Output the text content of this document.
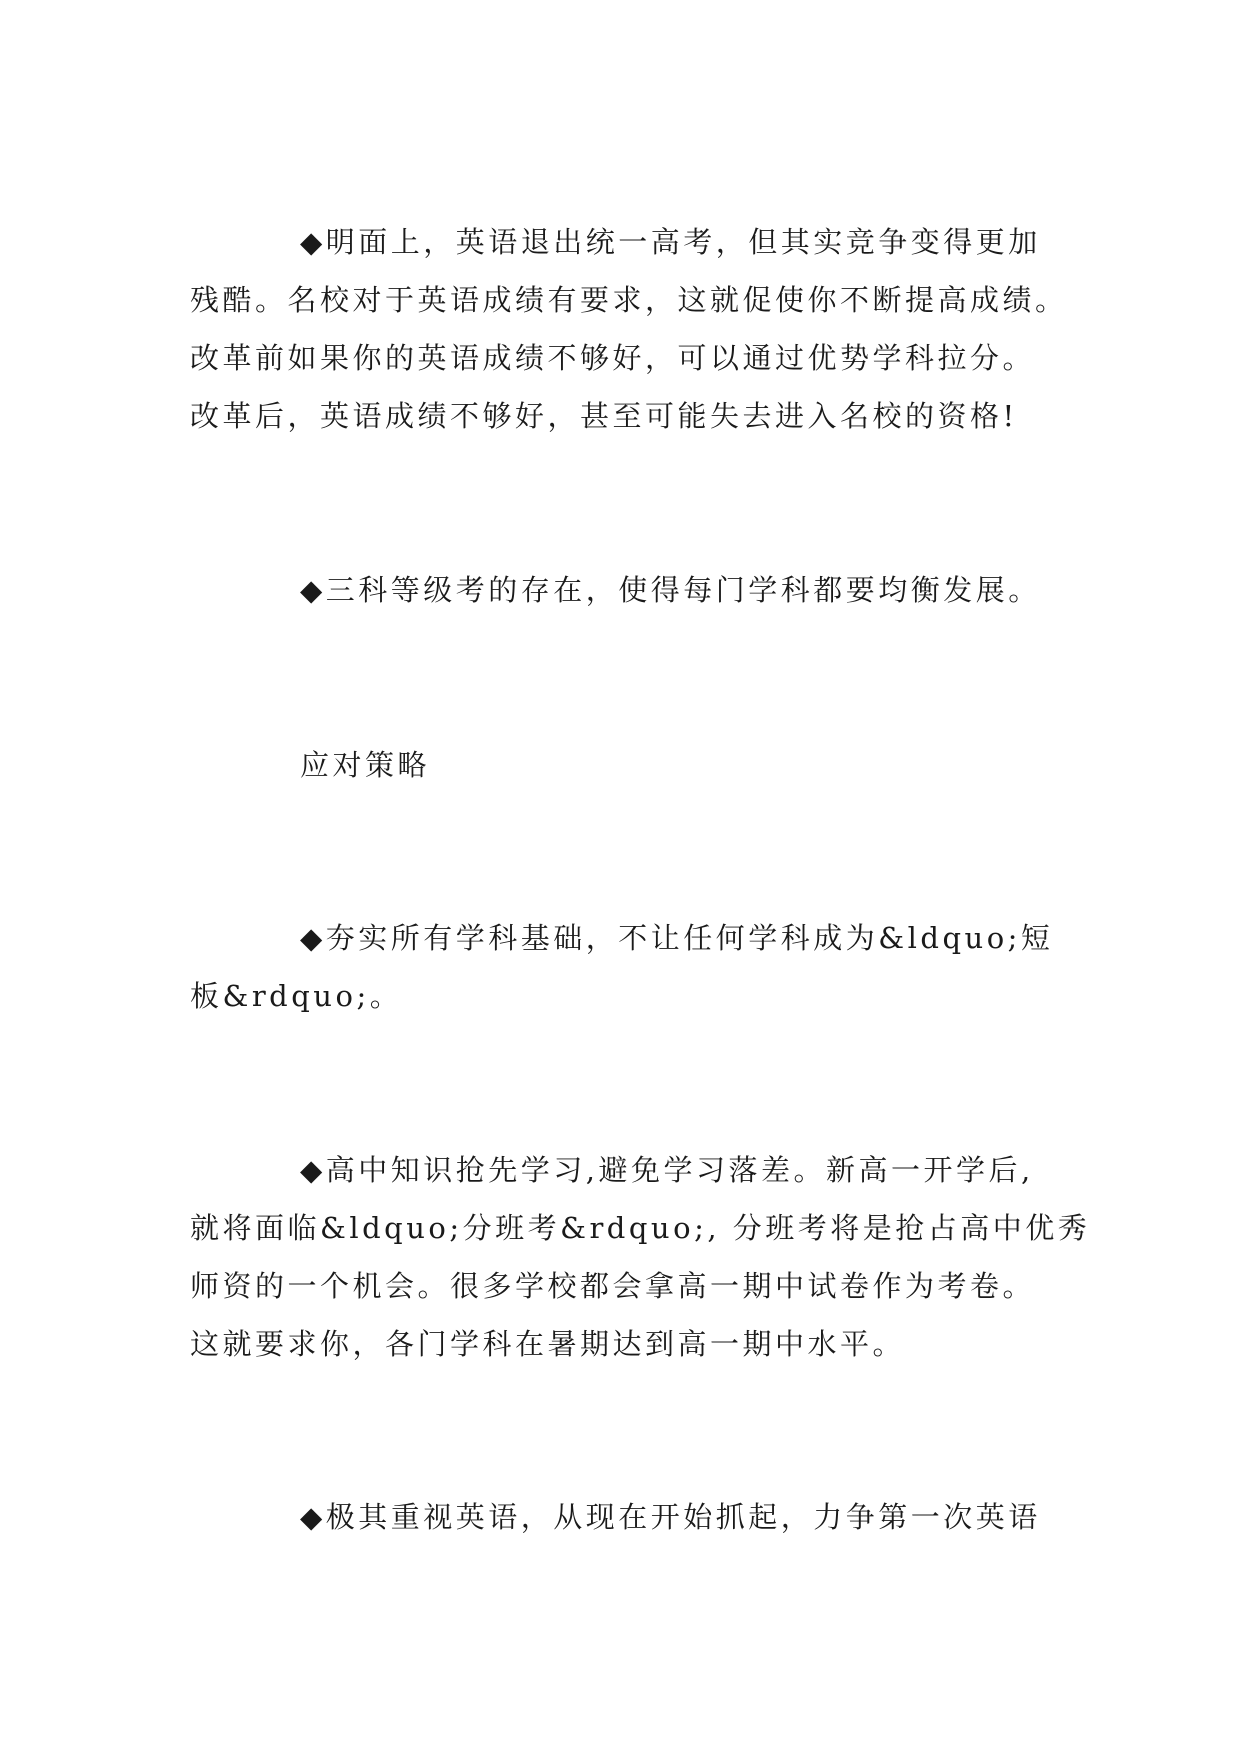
◆明面上，英语退出统一高考，但其实竞争变得更加
残酷。名校对于英语成绩有要求，这就促使你不断提高成绩。
改革前如果你的英语成绩不够好，可以通过优势学科拉分。
改革后，英语成绩不够好，甚至可能失去进入名校的资格!
◆三科等级考的存在，使得每门学科都要均衡发展。
应对策略
◆夯实所有学科基础，不让任何学科成为&ldquo;短
板&rdquo;。
◆高中知识抢先学习,避免学习落差。新高一开学后,
就将面临&ldquo;分班考&rdquo;, 分班考将是抢占高中优秀
师资的一个机会。很多学校都会拿高一期中试卷作为考卷。
这就要求你，各门学科在暑期达到高一期中水平。
◆极其重视英语，从现在开始抓起，力争第一次英语
